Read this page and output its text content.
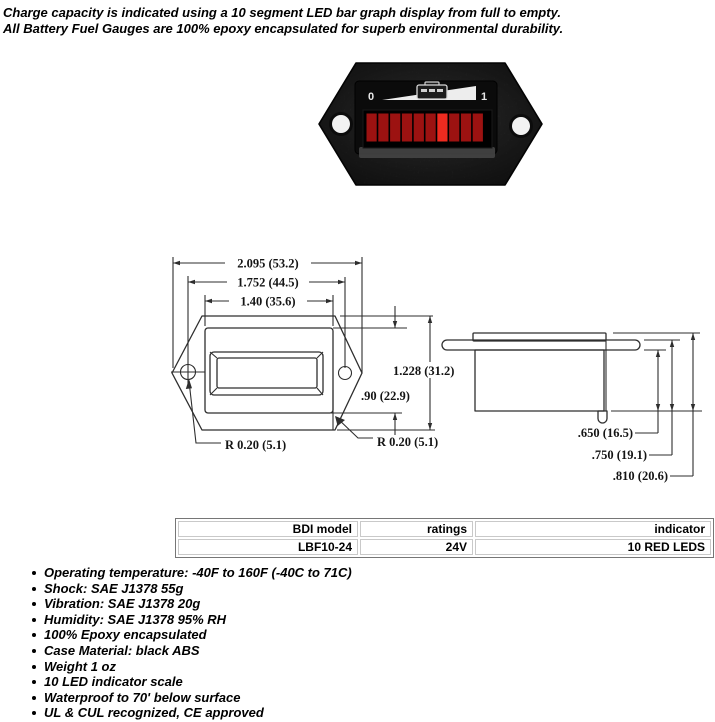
Charge capacity is indicated using a 10 segment LED bar graph display from full to empty.
All Battery Fuel Gauges are 100% epoxy encapsulated for superb environmental durability.
0	1
2.095 (53.2)
1.752 (44.5)
1.40 (35.6)
1.228 (31.2)
.90 (22.9)
R 0.20 (5.1)	R 0.20 (5.1)
.650 (16.5)
.750 (19.1)
.810 (20.6)
BDI model	ratings	indicator
LBF10-24	24V	10 RED LEDS
Operating temperature: -40F to 160F (-40C to 71C)
Shock: SAE J1378 55g
Vibration: SAE J1378 20g
Humidity: SAE J1378 95% RH
100% Epoxy encapsulated
Case Material: black ABS
Weight 1 oz
10 LED indicator scale
Waterproof to 70' below surface
UL & CUL recognized, CE approved
